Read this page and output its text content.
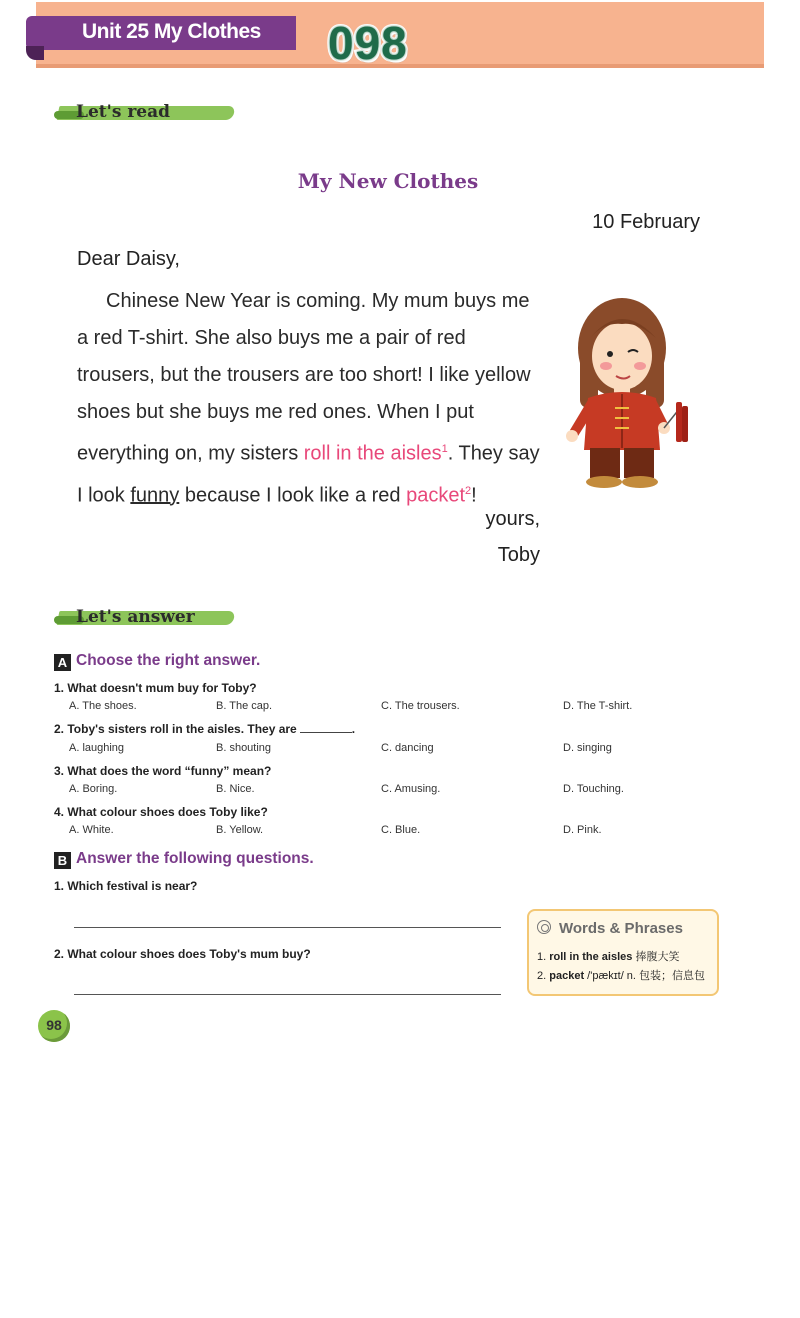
Unit 25 My Clothes 098
Let's read
My New Clothes
10 February
Dear Daisy,
Chinese New Year is coming. My mum buys me a red T-shirt. She also buys me a pair of red trousers, but the trousers are too short! I like yellow shoes but she buys me red ones. When I put everything on, my sisters roll in the aisles$^1$. They say I look funny because I look like a red packet$^2$!
yours,
Toby
Let's answer
A Choose the right answer.
1. What doesn't mum buy for Toby?
A. The shoes.	B. The cap.	C. The trousers.	D. The T-shirt.
2. Toby's sisters roll in the aisles. They are	.
A. laughing	B. shouting	C. dancing	D. singing
3. What does the word “funny” mean?
A. Boring.	B. Nice.	C. Amusing.	D. Touching.
4. What colour shoes does Toby like?
A. White.	B. Yellow.	C. Blue.	D. Pink.
B Answer the following questions.
1. Which festival is near?
2. What colour shoes does Toby's mum buy?
Words & Phrases
1. roll in the aisles 捧腹大笑
2. packet /'pækɪt/ n. 包装；信息包
98
